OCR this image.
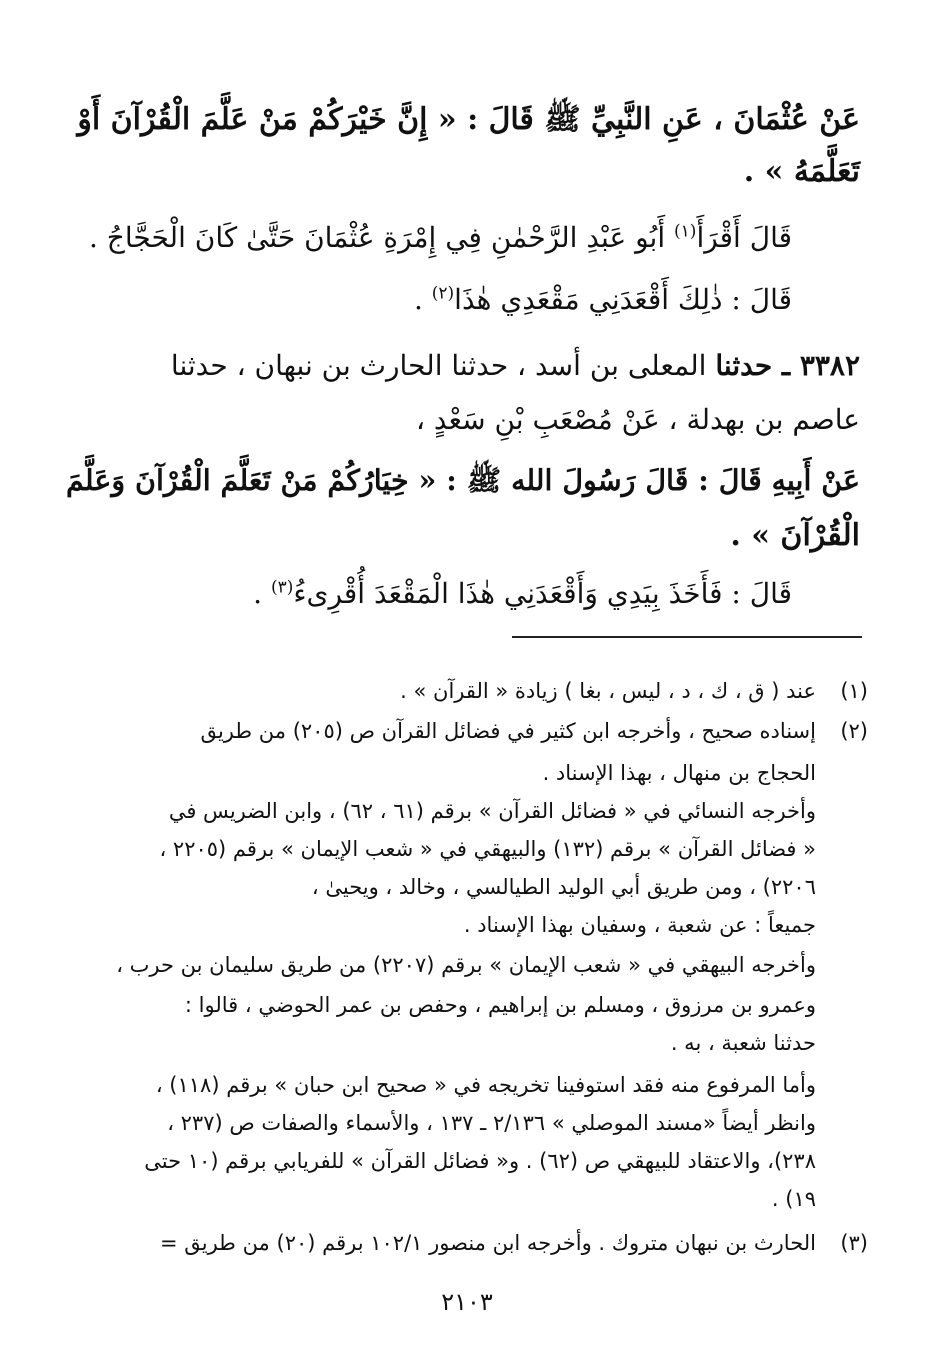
عَنْ عُثْمَانَ ، عَنِ النَّبِيِّ ﷺ قَالَ : « إِنَّ خَيْرَكُمْ مَنْ عَلَّمَ الْقُرْآنَ أَوْ
تَعَلَّمَهُ » .
قَالَ أَقْرَأَ$^{(١)}$ أَبُو عَبْدِ الرَّحْمٰنِ فِي إِمْرَةِ عُثْمَانَ حَتَّىٰ كَانَ الْحَجَّاجُ .
قَالَ : ذٰلِكَ أَقْعَدَنِي مَقْعَدِي هٰذَا$^{(٢)}$ .
٣٣٨٢ ـ حدثنا المعلى بن أسد ، حدثنا الحارث بن نبهان ، حدثنا
عاصم بن بهدلة ، عَنْ مُصْعَبِ بْنِ سَعْدٍ ،
عَنْ أَبِيهِ قَالَ : قَالَ رَسُولَ الله ﷺ : « خِيَارُكُمْ مَنْ تَعَلَّمَ الْقُرْآنَ وَعَلَّمَ
الْقُرْآنَ » .
قَالَ : فَأَخَذَ بِيَدِي وَأَقْعَدَنِي هٰذَا الْمَقْعَدَ أُقْرِىءُ$^{(٣)}$ .
(١)
عند ( ق ، ك ، د ، ليس ، بغا ) زيادة « القرآن » .
(٢)
إسناده صحيح ، وأخرجه ابن كثير في فضائل القرآن ص (٢٠٥) من طريق
الحجاج بن منهال ، بهذا الإسناد .
وأخرجه النسائي في « فضائل القرآن » برقم (٦١ ، ٦٢) ، وابن الضريس في
« فضائل القرآن » برقم (١٣٢) والبيهقي في « شعب الإيمان » برقم (٢٢٠٥ ،
٢٢٠٦) ، ومن طريق أبي الوليد الطيالسي ، وخالد ، ويحيىٰ ،
جميعاً : عن شعبة ، وسفيان بهذا الإسناد .
وأخرجه البيهقي في « شعب الإيمان » برقم (٢٢٠٧) من طريق سليمان بن حرب ،
وعمرو بن مرزوق ، ومسلم بن إبراهيم ، وحفص بن عمر الحوضي ، قالوا :
حدثنا شعبة ، به .
وأما المرفوع منه فقد استوفينا تخريجه في « صحيح ابن حبان » برقم (١١٨) ،
وانظر أيضاً «مسند الموصلي » ٢/١٣٦ ـ ١٣٧ ، والأسماء والصفات ص (٢٣٧ ،
٢٣٨)، والاعتقاد للبيهقي ص (٦٢) . و« فضائل القرآن » للفريابي برقم (١٠ حتى
١٩) .
(٣)
الحارث بن نبهان متروك . وأخرجه ابن منصور ١٠٢/١ برقم (٢٠) من طريق =
٢١٠٣
